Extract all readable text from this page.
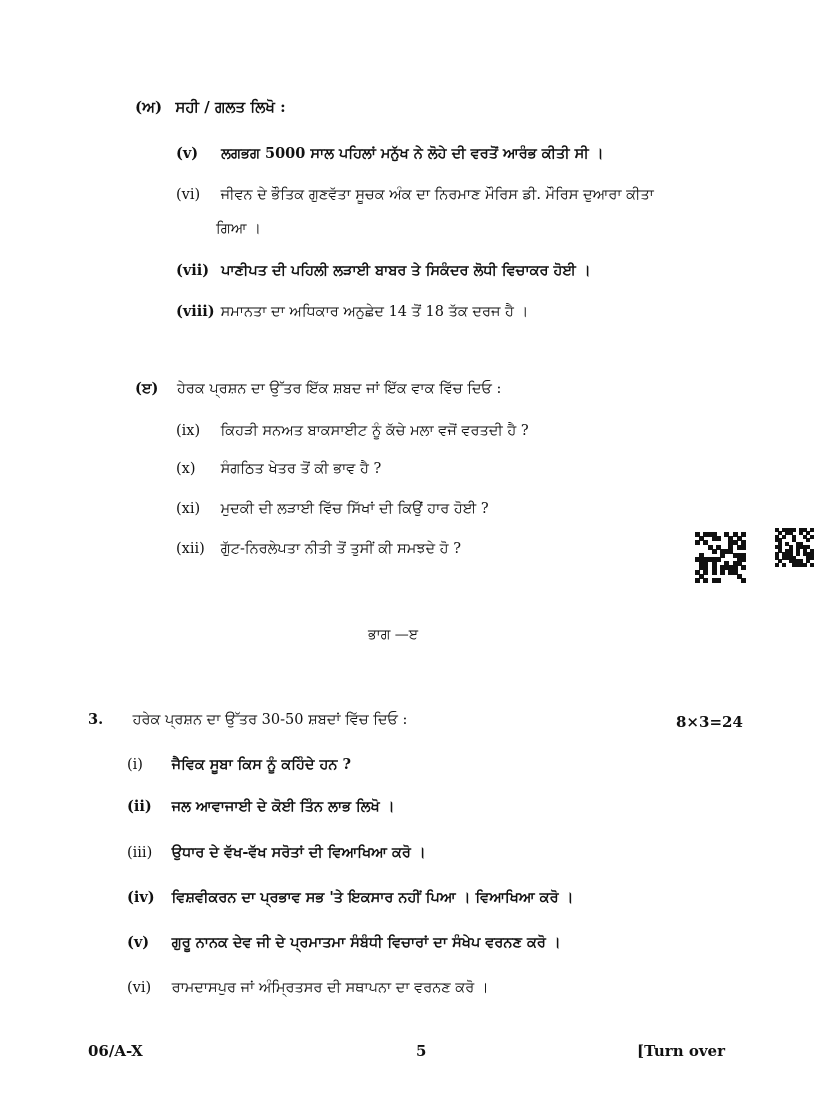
(ਅ) ਸਹੀ / ਗਲਤ ਲਿਖੋ :
(v) ਲਗਭਗ 5000 ਸਾਲ ਪਹਿਲਾਂ ਮਨੁੱਖ ਨੇ ਲੋਹੇ ਦੀ ਵਰਤੋਂ ਆਰੰਭ ਕੀਤੀ ਸੀ ।
(vi) ਜੀਵਨ ਦੇ ਭੌਤਿਕ ਗੁਣਵੱਤਾ ਸੂਚਕ ਅੰਕ ਦਾ ਨਿਰਮਾਣ ਮੌਰਿਸ ਡੀ. ਮੌਰਿਸ ਦੁਆਰਾ ਕੀਤਾ
ਗਿਆ ।
(vii) ਪਾਣੀਪਤ ਦੀ ਪਹਿਲੀ ਲੜਾਈ ਬਾਬਰ ਤੇ ਸਿਕੰਦਰ ਲੋਧੀ ਵਿਚਾਕਰ ਹੋਈ ।
(viii) ਸਮਾਨਤਾ ਦਾ ਅਧਿਕਾਰ ਅਨੁਛੇਦ 14 ਤੋਂ 18 ਤੱਕ ਦਰਜ ਹੈ ।
(ੲ) ਹੇਰਕ ਪ੍ਰਸ਼ਨ ਦਾ ਉੱਤਰ ਇੱਕ ਸ਼ਬਦ ਜਾਂ ਇੱਕ ਵਾਕ ਵਿੱਚ ਦਿਓ :
(ix) ਕਿਹੜੀ ਸਨਅਤ ਬਾਕਸਾਈਟ ਨੂੰ ਕੱਚੇ ਮਲਾ ਵਜੋਂ ਵਰਤਦੀ ਹੈ ?
(x) ਸੰਗਠਿਤ ਖੇਤਰ ਤੋਂ ਕੀ ਭਾਵ ਹੈ ?
(xi) ਮੁਦਕੀ ਦੀ ਲੜਾਈ ਵਿੱਚ ਸਿੱਖਾਂ ਦੀ ਕਿਉਂ ਹਾਰ ਹੋਈ ?
(xii) ਗੁੱਟ-ਨਿਰਲੇਪਤਾ ਨੀਤੀ ਤੋਂ ਤੁਸੀਂ ਕੀ ਸਮਝਦੇ ਹੋ ?
ਭਾਗ —ੲ
3. ਹਰੇਕ ਪ੍ਰਸ਼ਨ ਦਾ ਉੱਤਰ 30-50 ਸ਼ਬਦਾਂ ਵਿੱਚ ਦਿਓ :	8×3=24
(i) ਜੈਵਿਕ ਸੂਬਾ ਕਿਸ ਨੂੰ ਕਹਿੰਦੇ ਹਨ ?
(ii) ਜਲ ਆਵਾਜਾਈ ਦੇ ਕੋਈ ਤਿੰਨ ਲਾਭ ਲਿਖੋ ।
(iii) ਉਧਾਰ ਦੇ ਵੱਖ-ਵੱਖ ਸਰੋਤਾਂ ਦੀ ਵਿਆਖਿਆ ਕਰੋ ।
(iv) ਵਿਸ਼ਵੀਕਰਨ ਦਾ ਪ੍ਰਭਾਵ ਸਭ 'ਤੇ ਇਕਸਾਰ ਨਹੀਂ ਪਿਆ । ਵਿਆਖਿਆ ਕਰੋ ।
(v) ਗੁਰੂ ਨਾਨਕ ਦੇਵ ਜੀ ਦੇ ਪ੍ਰਮਾਤਮਾ ਸੰਬੰਧੀ ਵਿਚਾਰਾਂ ਦਾ ਸੰਖੇਪ ਵਰਨਣ ਕਰੋ ।
(vi) ਰਾਮਦਾਸਪੁਰ ਜਾਂ ਅੰਮ੍ਰਿਤਸਰ ਦੀ ਸਥਾਪਨਾ ਦਾ ਵਰਨਣ ਕਰੋ ।
06/A-X	5	[Turn over
